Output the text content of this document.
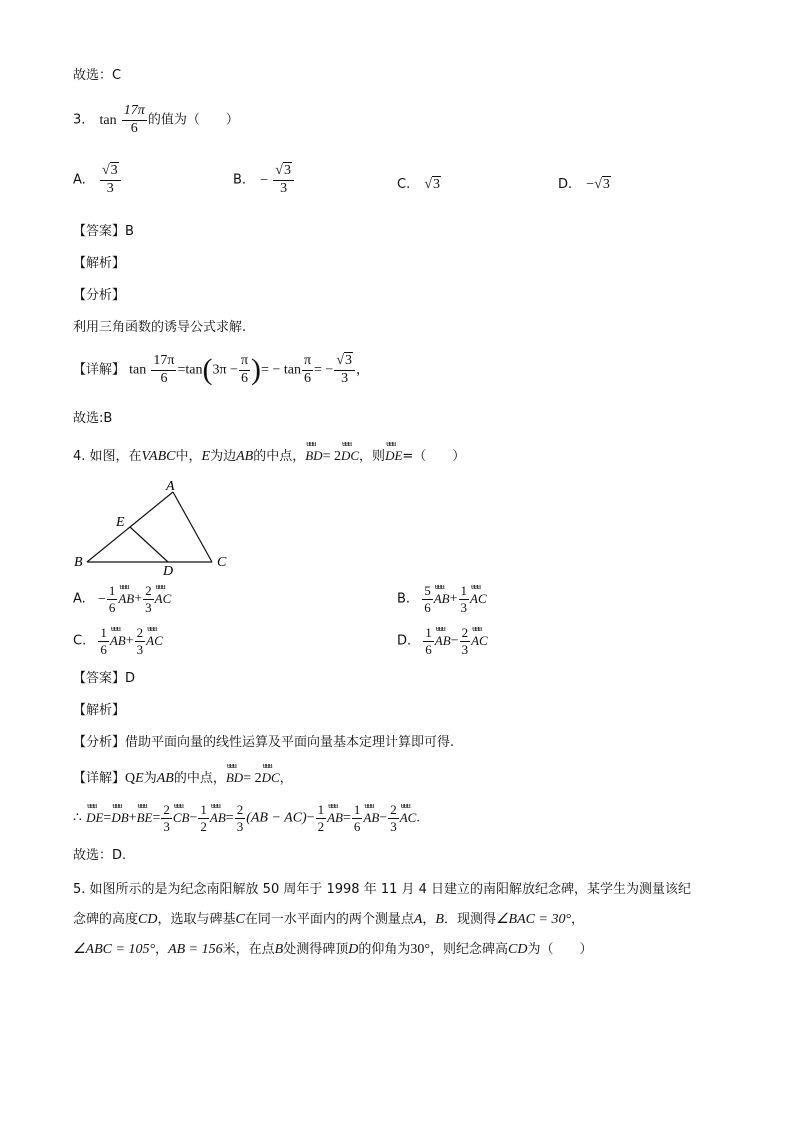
故选：C
3. $\tan \frac{17\pi}{6}$ 的值为（　　）
A. $\frac{√3}{3}$	B. − $\frac{√3}{3}$	C. √3	D. −√3
【答案】B
【解析】
【分析】
利用三角函数的诱导公式求解.
【详解】 $\tan \frac{17\pi}{6} =\tan(3\pi - \frac{\pi}{6}$ )= − $\tan \frac{\pi}{6}$ = − $\frac{√3}{3}$ ，
故选:B
4. 如图，在VABC中，E为边AB的中点，ʉʉʉ BD= 2ʉʉʉ DC，则ʉʉʉ DE=（　　）
A
B	C
D
E
A. − $\frac{1}{6}$ ʉʉʉ $AB+ \frac{2}{3}$ ʉʉʉ AC	B. $\frac{5}{6}$ ʉʉʉ $AB+ \frac{1}{3}$ ʉʉʉ AC
C. $\frac{1}{6}$ ʉʉʉ $AB+ \frac{2}{3}$ ʉʉʉ AC	D. $\frac{1}{6}$ ʉʉʉ $AB- \frac{2}{3}$ ʉʉʉ AC
【答案】D
【解析】
【分析】借助平面向量的线性运算及平面向量基本定理计算即可得.
【详解】QE为AB的中点，ʉʉʉ BD= 2ʉʉʉ DC，
∴ ʉʉʉ DE=ʉʉʉ DB+ʉʉʉ $BE= \frac{2}{3}$ ʉʉʉ $CB- \frac{1}{2}$ ʉʉʉ $AB= \frac{2}{3} (AB - AC)- \frac{1}{2}$ ʉʉʉ $AB= \frac{1}{6}$ ʉʉʉ $AB- \frac{2}{3}$ ʉʉʉ AC.
故选：D.
5. 如图所示的是为纪念南阳解放 50 周年于 1998 年 11 月 4 日建立的南阳解放纪念碑，某学生为测量该纪
念碑的高度CD，选取与碑基C在同一水平面内的两个测量点A，B．现测得∠BAC = 30°，
∠ABC = 105°，AB = 156米，在点B处测得碑顶D的仰角为30°，则纪念碑高CD为（　　）
